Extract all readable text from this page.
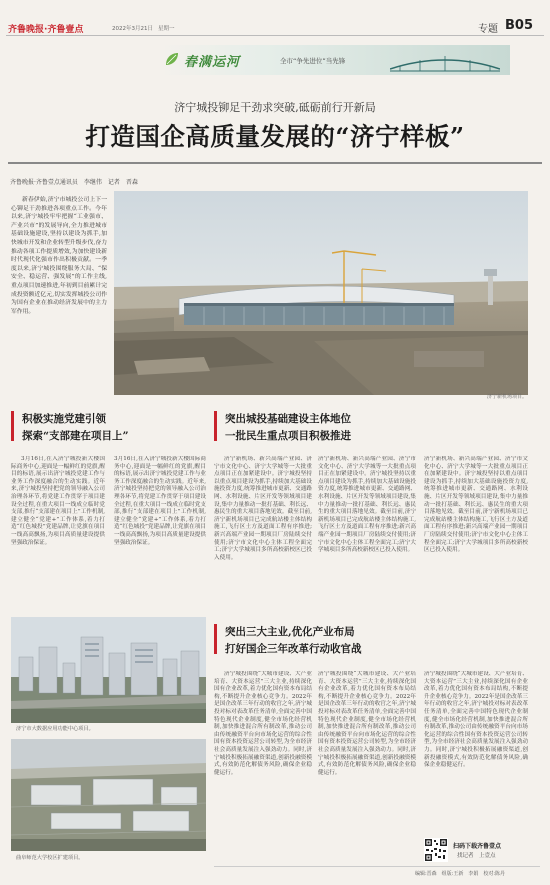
齐鲁晚报·齐鲁壹点	2022年3月21日 星期一	专题 B05
春满运河	全市“争先进位”当先锋
济宁城投铆足干劲求突破,砥砺前行开新局
打造国企高质量发展的“济宁样板”
齐鲁晚报·齐鲁壹点通讯员　李继伟　记者　晋森
新春伊始,济宁市城投公司上下一心铆足干劲推进各项重点工作。今年以来,济宁城投牢牢把握“工业强市、产业兴市”的发展导向,全力推进城市基础设施建设,坚持以建设为抓手,加快城市开发和企业转型升级步伐,奋力推动各项工作提质增效,为加快建设新时代现代化强市作出积极贡献。一季度以来,济宁城投围绕服务大局、“保安全、稳运营、强发展”的工作主线,重点项目加速推进,年初到目前累计完成投资额近亿元,切实发挥城投公司作为国有企业在推动经济发展中的主力军作用。
济宁新机场项目。
积极实施党建引领
探索“支部建在项目上”
3月16日,在入济宁城投新大楼国际商务中心,迎面是一幅鲜红的党旗,醒目的标语,展示出济宁城投党建工作与业务工作深度融合的生动实践。近年来,济宁城投坚持把党的领导融入公司治理各环节,将党建工作贯穿于项目建设全过程,在重大项目一线成立临时党支部,推行“支部建在项目上”工作机制,建立健全“党建+”工作体系,着力打造“红色城投”党建品牌,让党旗在项目一线高高飘扬,为项目高质量建设提供坚强政治保证。
3月16日,在入济宁城投新大楼国际商务中心,迎面是一幅鲜红的党旗,醒目的标语,展示出济宁城投党建工作与业务工作深度融合的生动实践。近年来,济宁城投坚持把党的领导融入公司治理各环节,将党建工作贯穿于项目建设全过程,在重大项目一线成立临时党支部,推行“支部建在项目上”工作机制,建立健全“党建+”工作体系,着力打造“红色城投”党建品牌,让党旗在项目一线高高飘扬,为项目高质量建设提供坚强政治保证。
济宁市大数据应用功能中心项目。
曲阜师范大学校区扩建项目。
突出城投基础建设主体地位
一批民生重点项目积极推进
济宁新机场、新兴高端产业园、济宁市文化中心、济宁大学城等一大批重点项目正在加紧建设中。济宁城投坚持以重点项目建设为抓手,持续加大基础设施投资力度,统筹推进城市更新、交通路网、水利设施、片区开发等领域项目建设,集中力量推动一批打基础、利长远、惠民生的重大项目落地见效。截至目前,济宁新机场项目已完成航站楼主体结构施工,飞行区土方及道面工程有序推进;新兴高端产业园一期项目厂房陆续交付使用;济宁市文化中心主体工程全面完工;济宁大学城项目多所高校新校区已投入使用。
济宁新机场、新兴高端产业园、济宁市文化中心、济宁大学城等一大批重点项目正在加紧建设中。济宁城投坚持以重点项目建设为抓手,持续加大基础设施投资力度,统筹推进城市更新、交通路网、水利设施、片区开发等领域项目建设,集中力量推动一批打基础、利长远、惠民生的重大项目落地见效。截至目前,济宁新机场项目已完成航站楼主体结构施工,飞行区土方及道面工程有序推进;新兴高端产业园一期项目厂房陆续交付使用;济宁市文化中心主体工程全面完工;济宁大学城项目多所高校新校区已投入使用。
济宁新机场、新兴高端产业园、济宁市文化中心、济宁大学城等一大批重点项目正在加紧建设中。济宁城投坚持以重点项目建设为抓手,持续加大基础设施投资力度,统筹推进城市更新、交通路网、水利设施、片区开发等领域项目建设,集中力量推动一批打基础、利长远、惠民生的重大项目落地见效。截至目前,济宁新机场项目已完成航站楼主体结构施工,飞行区土方及道面工程有序推进;新兴高端产业园一期项目厂房陆续交付使用;济宁市文化中心主体工程全面完工;济宁大学城项目多所高校新校区已投入使用。
突出三大主业,优化产业布局
打好国企三年改革行动收官战
济宁城投围绕“大城市建设、大产业培育、大资本运营”三大主业,持续深化国有企业改革,着力优化国有资本布局结构,不断提升企业核心竞争力。2022年是国企改革三年行动的收官之年,济宁城投对标对表改革任务清单,全面完善中国特色现代企业制度,健全市场化经营机制,加快推进混合所有制改革,推动公司由传统融资平台向市场化运营的综合性国有资本投资运营公司转型,为全市经济社会高质量发展注入强劲动力。同时,济宁城投积极拓展融资渠道,创新投融资模式,有效防范化解债务风险,确保企业稳健运行。
济宁城投围绕“大城市建设、大产业培育、大资本运营”三大主业,持续深化国有企业改革,着力优化国有资本布局结构,不断提升企业核心竞争力。2022年是国企改革三年行动的收官之年,济宁城投对标对表改革任务清单,全面完善中国特色现代企业制度,健全市场化经营机制,加快推进混合所有制改革,推动公司由传统融资平台向市场化运营的综合性国有资本投资运营公司转型,为全市经济社会高质量发展注入强劲动力。同时,济宁城投积极拓展融资渠道,创新投融资模式,有效防范化解债务风险,确保企业稳健运行。
济宁城投围绕“大城市建设、大产业培育、大资本运营”三大主业,持续深化国有企业改革,着力优化国有资本布局结构,不断提升企业核心竞争力。2022年是国企改革三年行动的收官之年,济宁城投对标对表改革任务清单,全面完善中国特色现代企业制度,健全市场化经营机制,加快推进混合所有制改革,推动公司由传统融资平台向市场化运营的综合性国有资本投资运营公司转型,为全市经济社会高质量发展注入强劲动力。同时,济宁城投积极拓展融资渠道,创新投融资模式,有效防范化解债务风险,确保企业稳健运行。
扫码下载齐鲁壹点
找记者　上壹点
编辑:晋森　组版:王新　李娟　校对:陈丹
